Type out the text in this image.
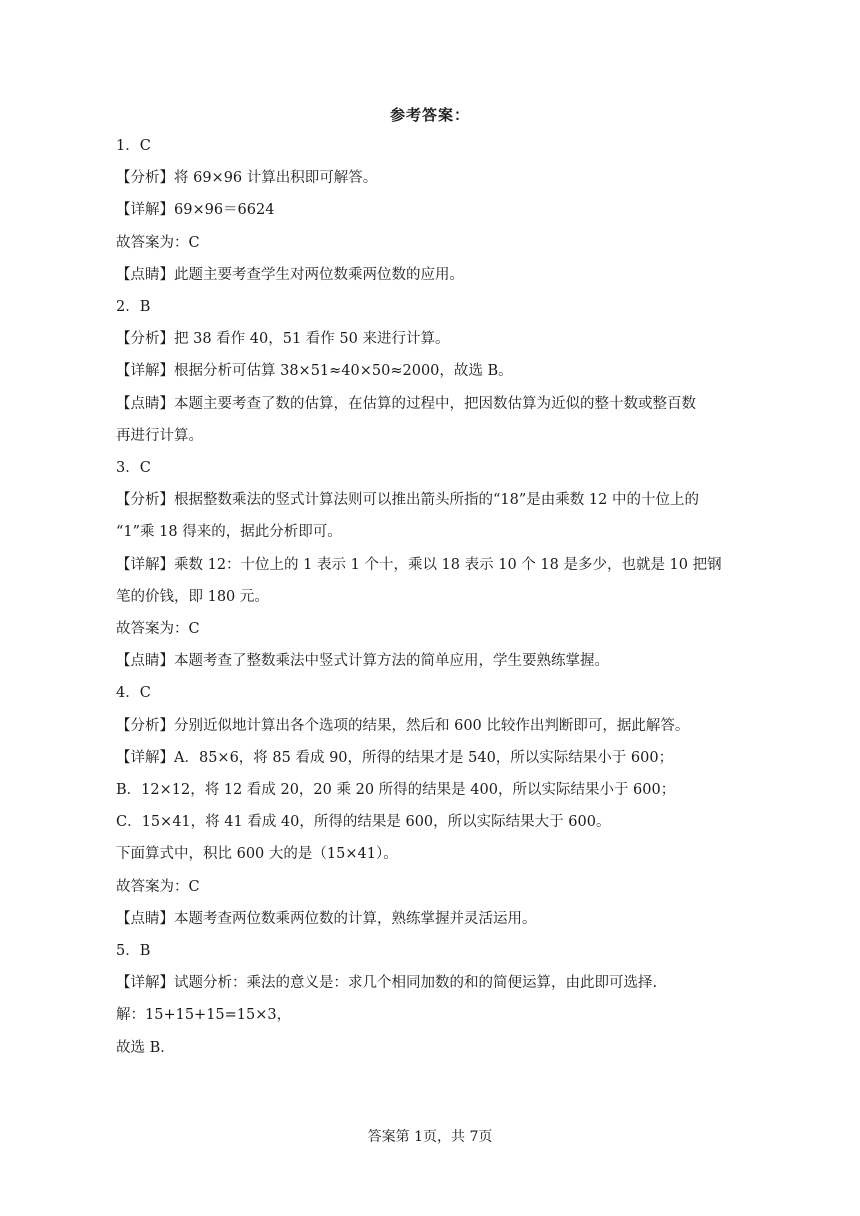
参考答案：
1．C
【分析】将 69×96 计算出积即可解答。
【详解】69×96＝6624
故答案为：C
【点睛】此题主要考查学生对两位数乘两位数的应用。
2．B
【分析】把 38 看作 40，51 看作 50 来进行计算。
【详解】根据分析可估算 38×51≈40×50≈2000，故选 B。
【点睛】本题主要考查了数的估算，在估算的过程中，把因数估算为近似的整十数或整百数
再进行计算。
3．C
【分析】根据整数乘法的竖式计算法则可以推出箭头所指的“18”是由乘数 12 中的十位上的
“1”乘 18 得来的，据此分析即可。
【详解】乘数 12：十位上的 1 表示 1 个十，乘以 18 表示 10 个 18 是多少，也就是 10 把钢
笔的价钱，即 180 元。
故答案为：C
【点睛】本题考查了整数乘法中竖式计算方法的简单应用，学生要熟练掌握。
4．C
【分析】分别近似地计算出各个选项的结果，然后和 600 比较作出判断即可，据此解答。
【详解】A．85×6，将 85 看成 90，所得的结果才是 540，所以实际结果小于 600；
B．12×12，将 12 看成 20，20 乘 20 所得的结果是 400，所以实际结果小于 600；
C．15×41，将 41 看成 40，所得的结果是 600，所以实际结果大于 600。
下面算式中，积比 600 大的是（15×41）。
故答案为：C
【点睛】本题考查两位数乘两位数的计算，熟练掌握并灵活运用。
5．B
【详解】试题分析：乘法的意义是：求几个相同加数的和的简便运算，由此即可选择.
解：15+15+15=15×3，
故选 B．
答案第 1页，共 7页
